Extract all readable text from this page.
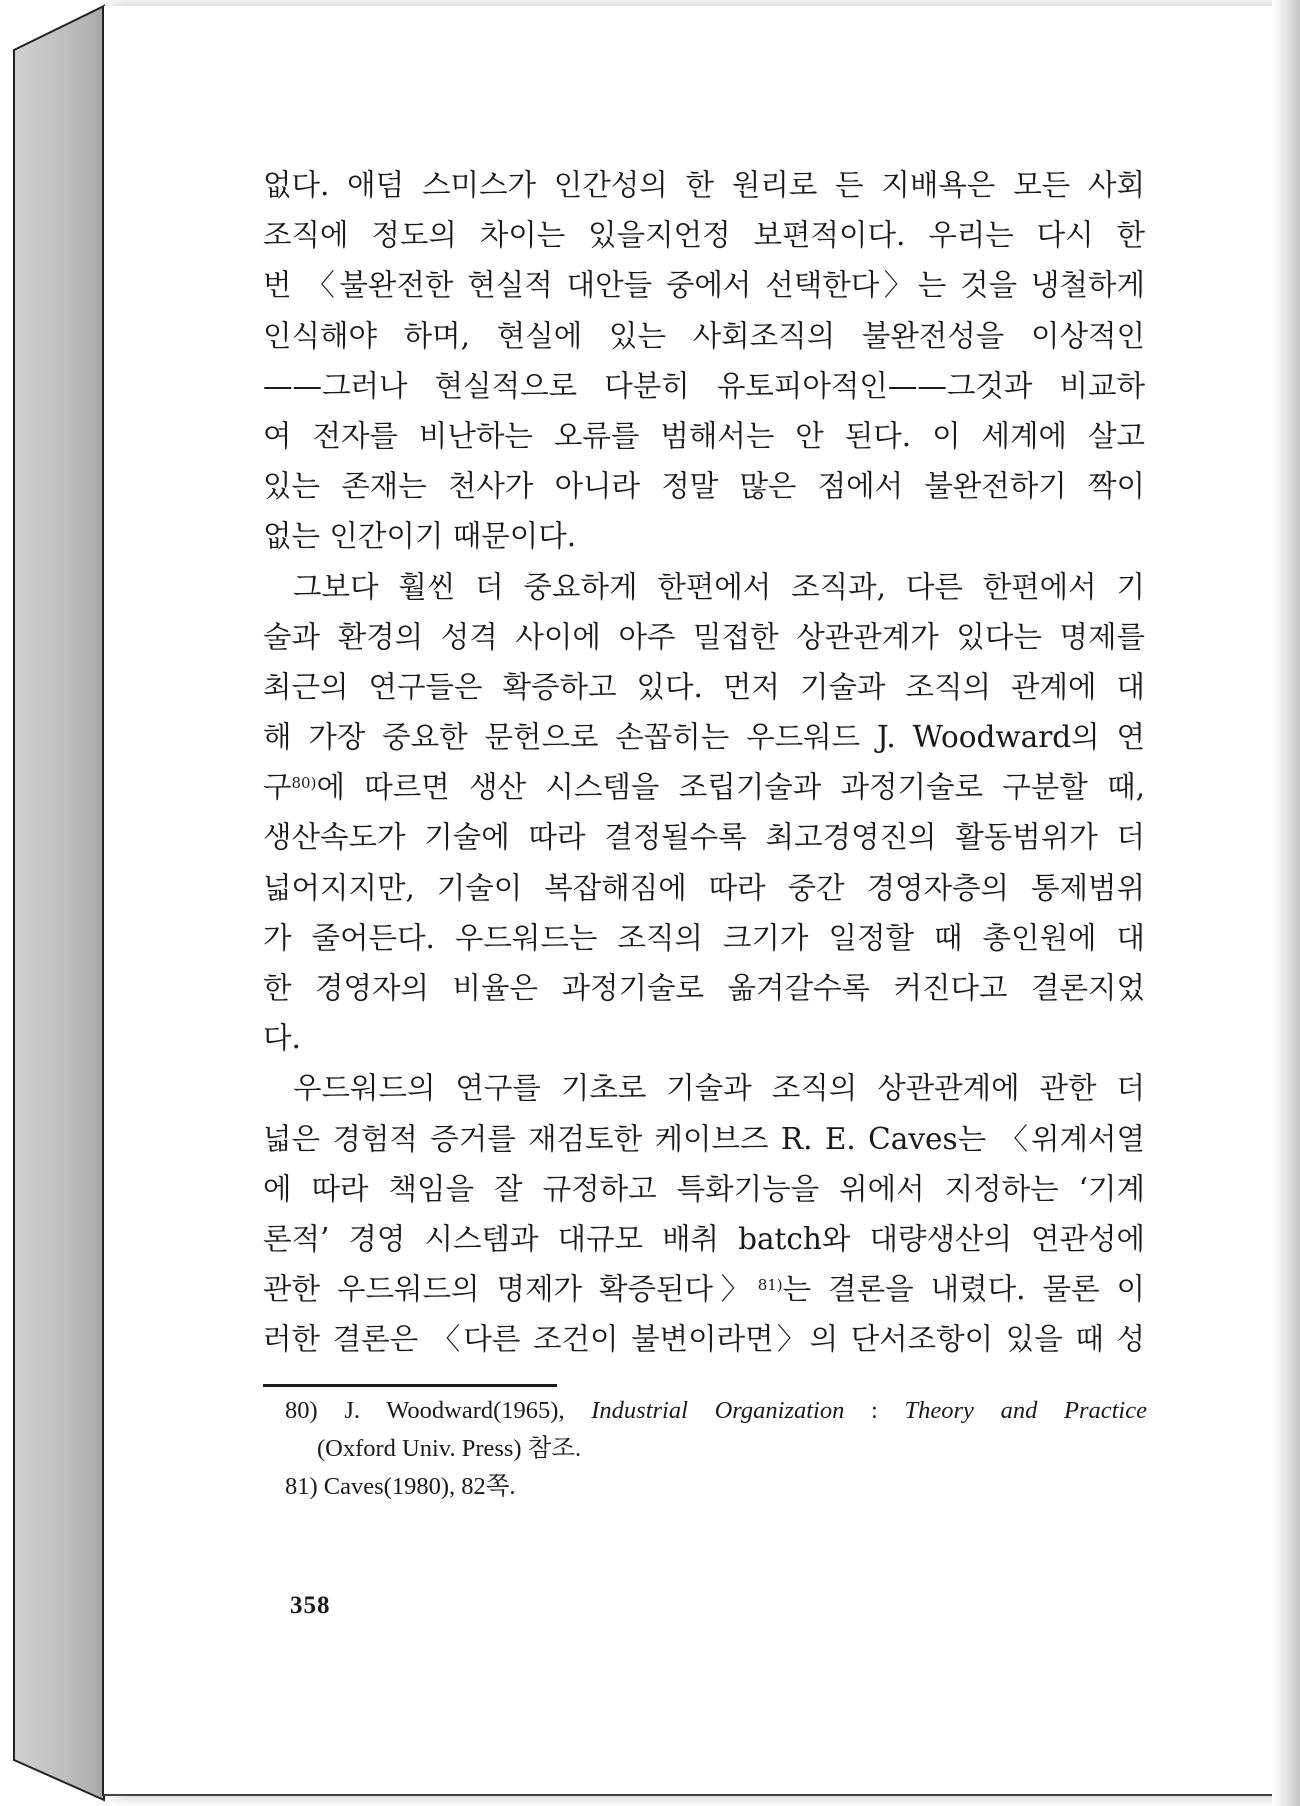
없다. 애덤 스미스가 인간성의 한 원리로 든 지배욕은 모든 사회
조직에 정도의 차이는 있을지언정 보편적이다. 우리는 다시 한
번 〈불완전한 현실적 대안들 중에서 선택한다〉는 것을 냉철하게
인식해야 하며, 현실에 있는 사회조직의 불완전성을 이상적인
——그러나 현실적으로 다분히 유토피아적인——그것과 비교하
여 전자를 비난하는 오류를 범해서는 안 된다. 이 세계에 살고
있는 존재는 천사가 아니라 정말 많은 점에서 불완전하기 짝이
없는 인간이기 때문이다.
그보다 훨씬 더 중요하게 한편에서 조직과, 다른 한편에서 기
술과 환경의 성격 사이에 아주 밀접한 상관관계가 있다는 명제를
최근의 연구들은 확증하고 있다. 먼저 기술과 조직의 관계에 대
해 가장 중요한 문헌으로 손꼽히는 우드워드 J. Woodward의 연
구$^{80)}$에 따르면 생산 시스템을 조립기술과 과정기술로 구분할 때,
생산속도가 기술에 따라 결정될수록 최고경영진의 활동범위가 더
넓어지지만, 기술이 복잡해짐에 따라 중간 경영자층의 통제범위
가 줄어든다. 우드워드는 조직의 크기가 일정할 때 총인원에 대
한 경영자의 비율은 과정기술로 옮겨갈수록 커진다고 결론지었
다.
우드워드의 연구를 기초로 기술과 조직의 상관관계에 관한 더
넓은 경험적 증거를 재검토한 케이브즈 R. E. Caves는 〈위계서열
에 따라 책임을 잘 규정하고 특화기능을 위에서 지정하는 ‘기계
론적’ 경영 시스템과 대규모 배취 batch와 대량생산의 연관성에
관한 우드워드의 명제가 확증된다〉$^{81)}$는 결론을 내렸다. 물론 이
러한 결론은 〈다른 조건이 불변이라면〉의 단서조항이 있을 때 성
80) J. Woodward(1965), Industrial Organization : Theory and Practice
(Oxford Univ. Press) 참조.
81) Caves(1980), 82쪽.
358
